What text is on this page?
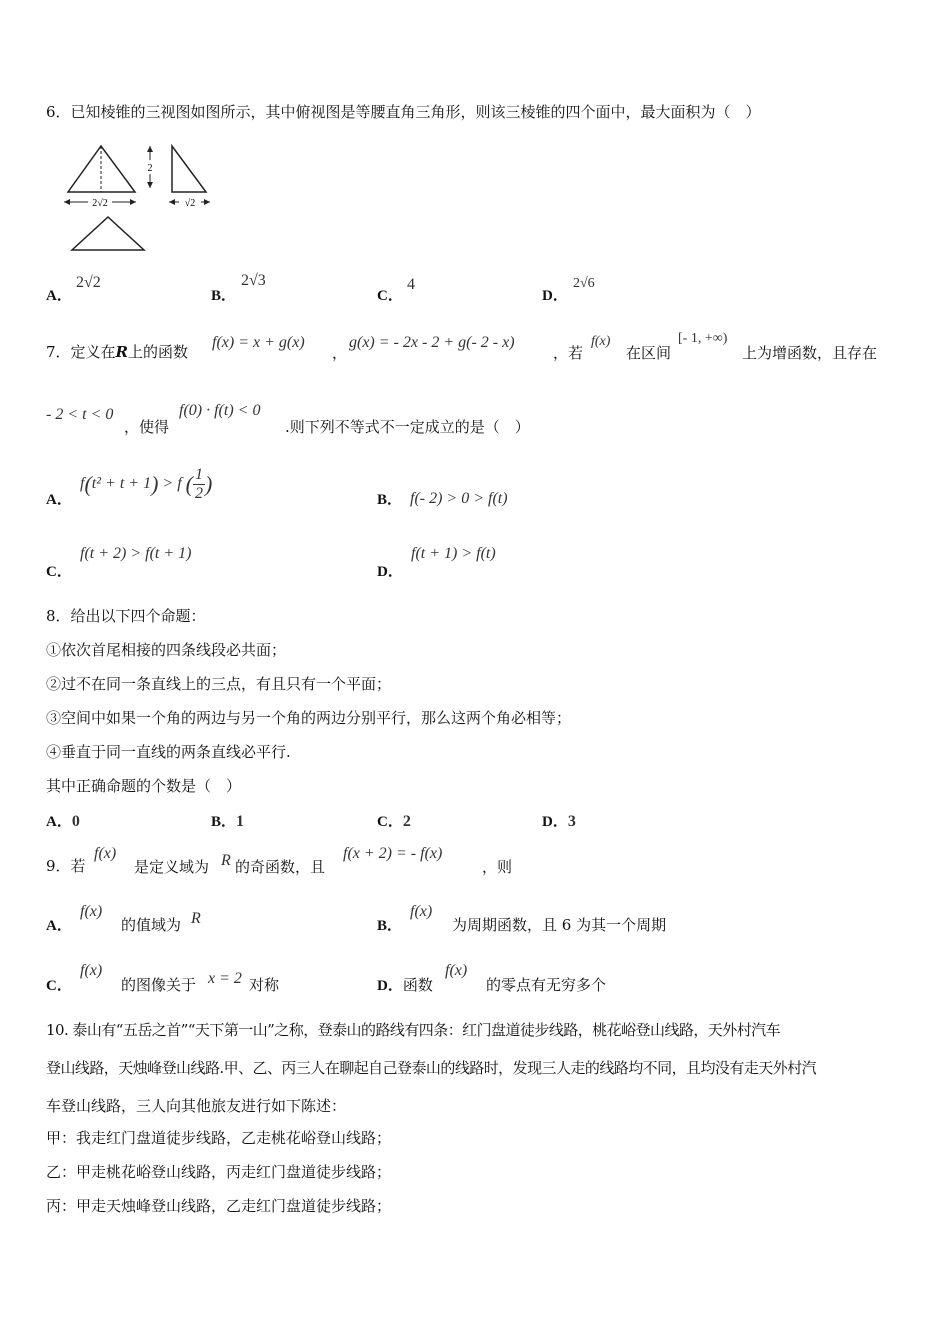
6．已知棱锥的三视图如图所示，其中俯视图是等腰直角三角形，则该三棱锥的四个面中，最大面积为（　）
2√2
2
√2
A．
2√2
B．
2√3
C．
4
D．
2√6
7．定义在R上的函数
f(x) = x + g(x)
，
g(x) = - 2x - 2 + g(- 2 - x)
，若
f(x)
在区间
[- 1, +∞)
上为增函数，且存在
- 2 < t < 0
，使得
f(0) · f(t) < 0
.则下列不等式不一定成立的是（　）
A．
f(t² + t + 1) > f ( $\frac{1}{2}$ )
B． f(- 2) > 0 > f(t)
C．
f(t + 2) > f(t + 1)
D．
f(t + 1) > f(t)
8．给出以下四个命题：
①依次首尾相接的四条线段必共面；
②过不在同一条直线上的三点，有且只有一个平面；
③空间中如果一个角的两边与另一个角的两边分别平行，那么这两个角必相等；
④垂直于同一直线的两条直线必平行.
其中正确命题的个数是（　）
A．0	B．1	C．2	D．3
9．若
f(x)
是定义域为 R 的奇函数，且
f(x + 2) = - f(x)
，则
A．
f(x)
的值域为 R	B．
f(x)
为周期函数，且 6 为其一个周期
C．
f(x)
的图像关于 x = 2 对称	D．函数
f(x)
的零点有无穷多个
10. 泰山有“五岳之首”“天下第一山”之称，登泰山的路线有四条：红门盘道徒步线路，桃花峪登山线路，天外村汽车
登山线路，天烛峰登山线路.甲、乙、丙三人在聊起自己登泰山的线路时，发现三人走的线路均不同，且均没有走天外村汽
车登山线路，三人向其他旅友进行如下陈述：
甲：我走红门盘道徒步线路，乙走桃花峪登山线路；
乙：甲走桃花峪登山线路，丙走红门盘道徒步线路；
丙：甲走天烛峰登山线路，乙走红门盘道徒步线路；
